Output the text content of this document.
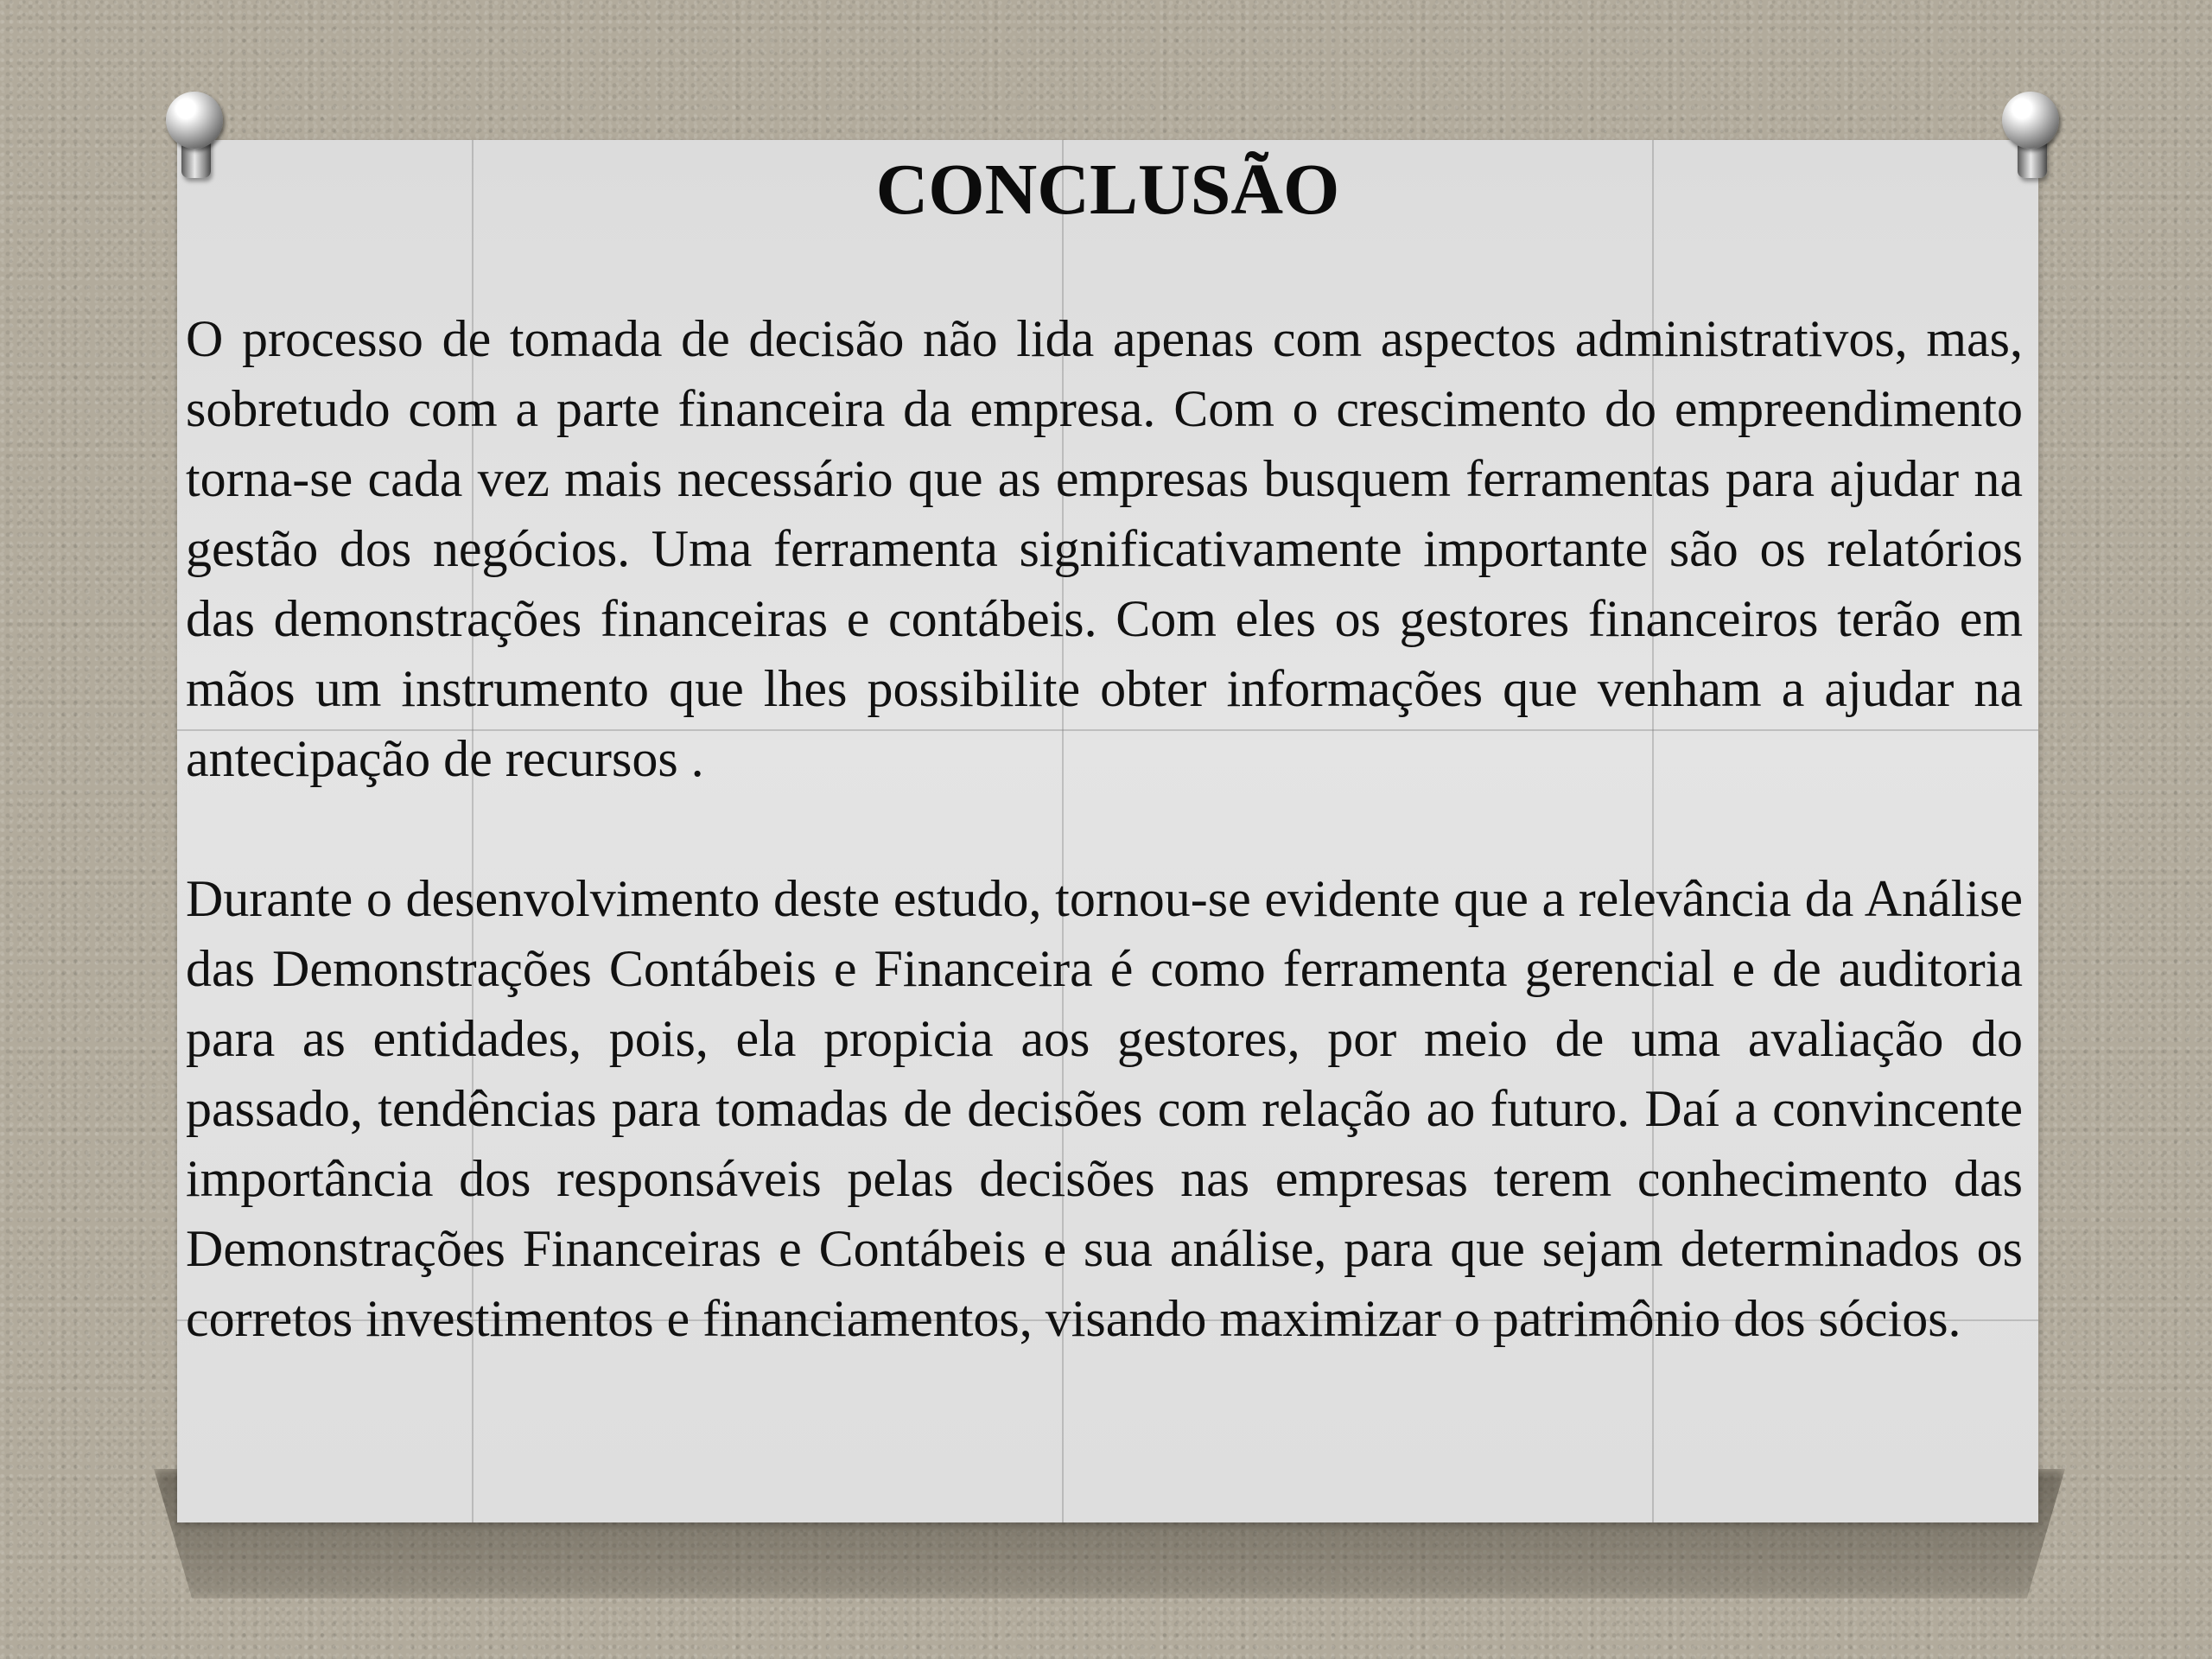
CONCLUSÃO

O processo de tomada de decisão não lida apenas com aspectos administrativos, mas, sobretudo com a parte financeira da empresa. Com o crescimento do empreendimento torna-se cada vez mais necessário que as empresas busquem ferramentas para ajudar na gestão dos negócios. Uma ferramenta significativamente importante são os relatórios das demonstrações financeiras e contábeis. Com eles os gestores financeiros terão em mãos um instrumento que lhes possibilite obter informações que venham a ajudar na antecipação de recursos .

Durante o desenvolvimento deste estudo, tornou-se evidente que a relevância da Análise das Demonstrações Contábeis e Financeira é como ferramenta gerencial e de auditoria para as entidades, pois, ela propicia aos gestores, por meio de uma avaliação do passado, tendências para tomadas de decisões com relação ao futuro. Daí a convincente importância dos responsáveis pelas decisões nas empresas terem conhecimento das Demonstrações Financeiras e Contábeis e sua análise, para que sejam determinados os corretos investimentos e financiamentos, visando maximizar o patrimônio dos sócios.
